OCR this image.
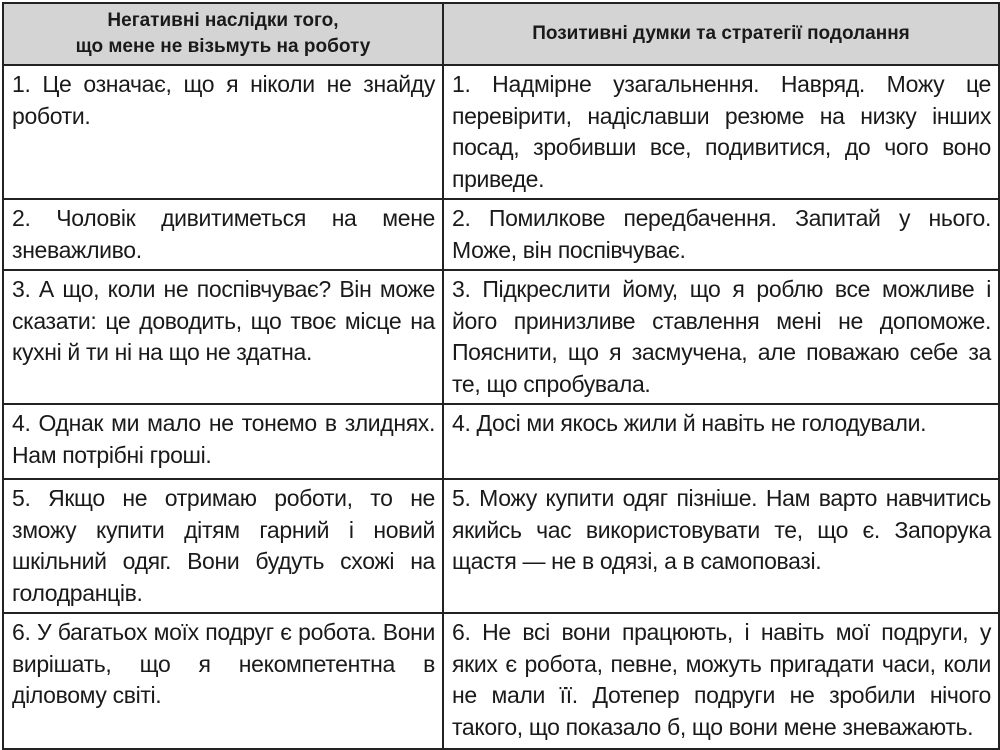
Негативні наслідки того,
що мене не візьмуть на роботу	Позитивні думки та стратегії подолання

1. Це означає, що я ніколи не знайду роботи.	1. Надмірне узагальнення. Навряд. Можу це перевірити, надіславши резюме на низку інших посад, зробивши все, подивитися, до чого воно приведе.

2. Чоловік дивитиметься на мене зневажливо.	2. Помилкове передбачення. Запитай у нього. Може, він поспівчуває.

3. А що, коли не поспівчуває? Він може сказати: це доводить, що твоє місце на кухні й ти ні на що не здатна.	3. Підкреслити йому, що я роблю все можливе і його принизливе ставлення мені не допоможе. Пояснити, що я засмучена, але поважаю себе за те, що спробувала.

4. Однак ми мало не тонемо в злиднях. Нам потрібні гроші.	4. Досі ми якось жили й навіть не голодували.

5. Якщо не отримаю роботи, то не зможу купити дітям гарний і новий шкільний одяг. Вони будуть схожі на голодранців.	5. Можу купити одяг пізніше. Нам варто навчитись якийсь час використовувати те, що є. Запорука щастя — не в одязі, а в самоповазі.

6. У багатьох моїх подруг є робота. Вони вирішать, що я некомпетентна в діловому світі.	6. Не всі вони працюють, і навіть мої подруги, у яких є робота, певне, можуть пригадати часи, коли не мали її. Дотепер подруги не зробили нічого такого, що показало б, що вони мене зневажають.
